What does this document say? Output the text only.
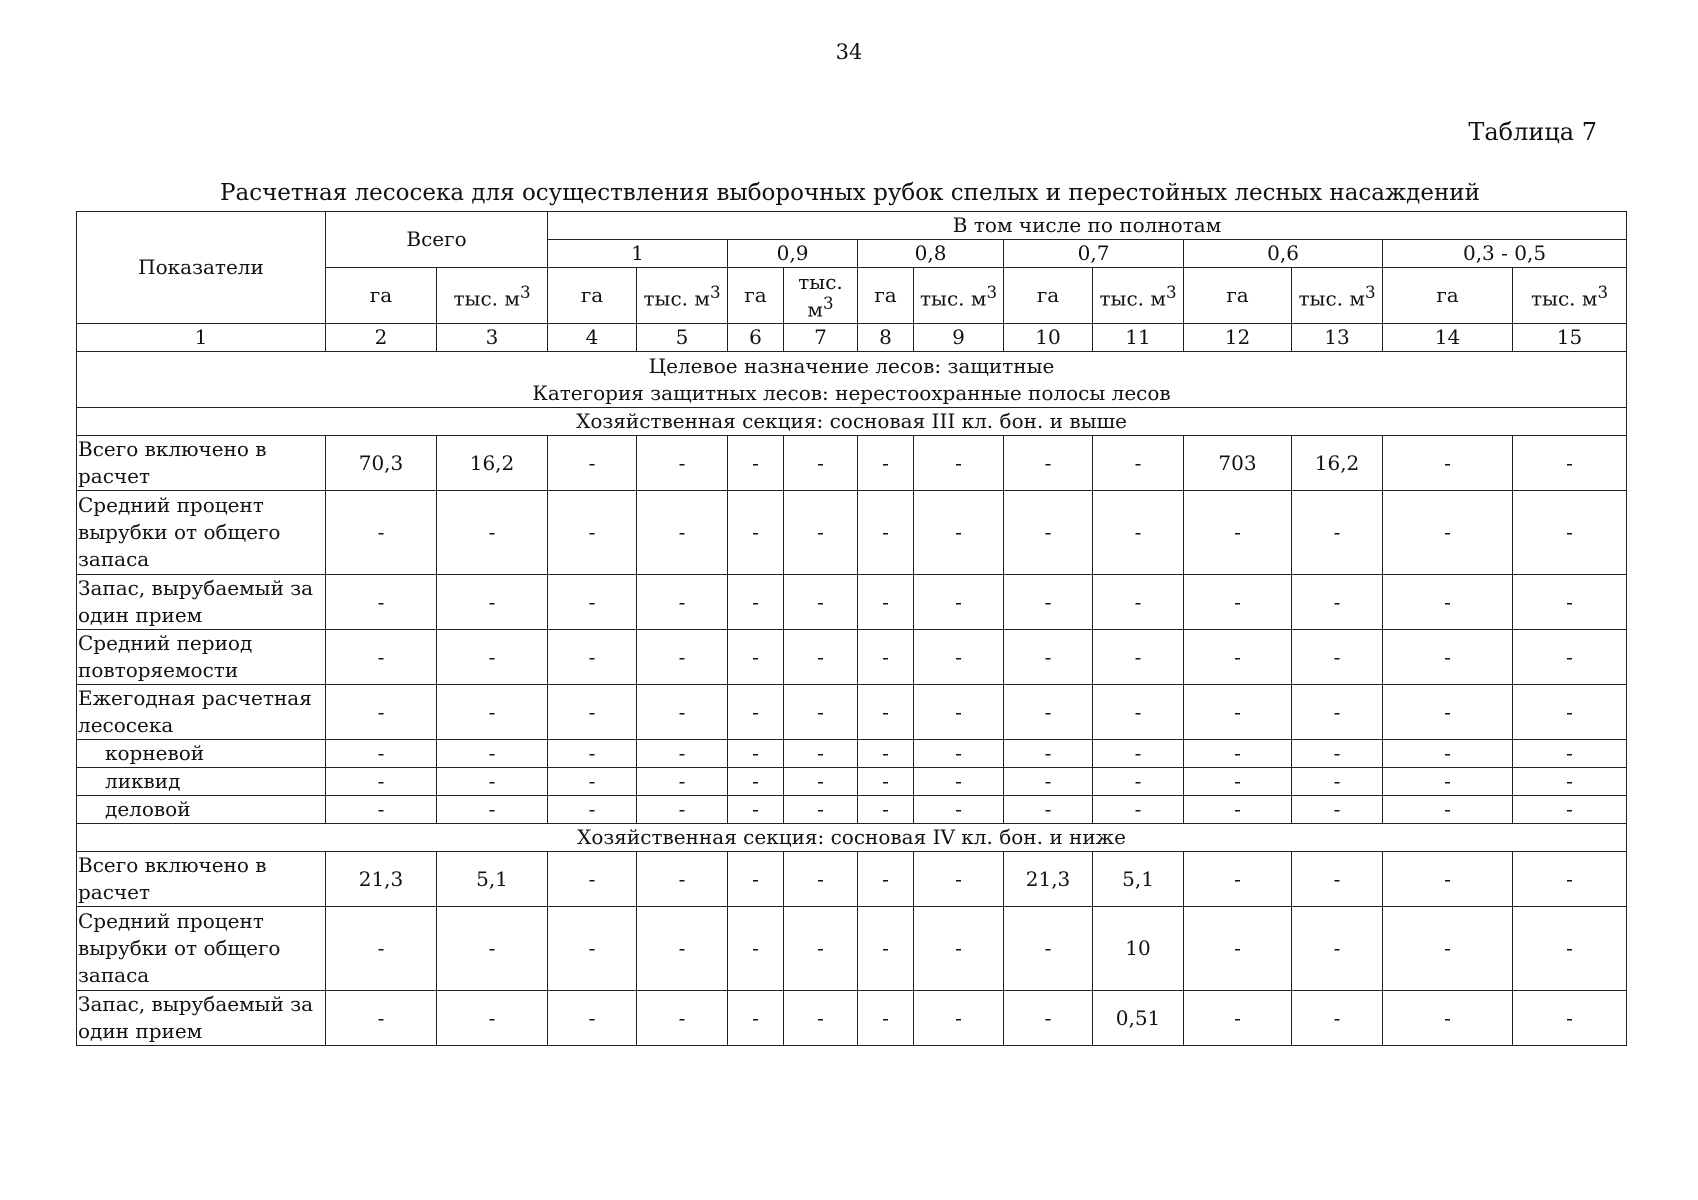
34
Таблица 7
Расчетная лесосека для осуществления выборочных рубок спелых и перестойных лесных насаждений
Показатели	Всего		В том числе по полнотам											
			1		0,9		0,8		0,7		0,6		0,3 - 0,5	
	га	тыс. $м^3$	га	тыс. $м^3$	га	тыс.
$м^3$	га	тыс. $м^3$	га	тыс. $м^3$	га	тыс. $м^3$	га	тыс. $м^3$
1	2	3	4	5	6	7	8	9	10	11	12	13	14	15

Целевое назначение лесов: защитные
Категория защитных лесов: нерестоохранные полосы лесов														

Хозяйственная секция: сосновая III кл. бон. и выше														
Всего включено в расчет	70,3	16,2	-	-	-	-	-	-	-	-	703	16,2	-	-
Средний процент вырубки от общего запаса	-	-	-	-	-	-	-	-	-	-	-	-	-	-
Запас, вырубаемый за один прием	-	-	-	-	-	-	-	-	-	-	-	-	-	-
Средний период повторяемости	-	-	-	-	-	-	-	-	-	-	-	-	-	-
Ежегодная расчетная лесосека	-	-	-	-	-	-	-	-	-	-	-	-	-	-
корневой	-	-	-	-	-	-	-	-	-	-	-	-	-	-
ликвид	-	-	-	-	-	-	-	-	-	-	-	-	-	-
деловой	-	-	-	-	-	-	-	-	-	-	-	-	-	-
Хозяйственная секция: сосновая IV кл. бон. и ниже														
Всего включено в расчет	21,3	5,1	-	-	-	-	-	-	21,3	5,1	-	-	-	-
Средний процент вырубки от общего запаса	-	-	-	-	-	-	-	-	-	10	-	-	-	-
Запас, вырубаемый за один прием	-	-	-	-	-	-	-	-	-	0,51	-	-	-	-
